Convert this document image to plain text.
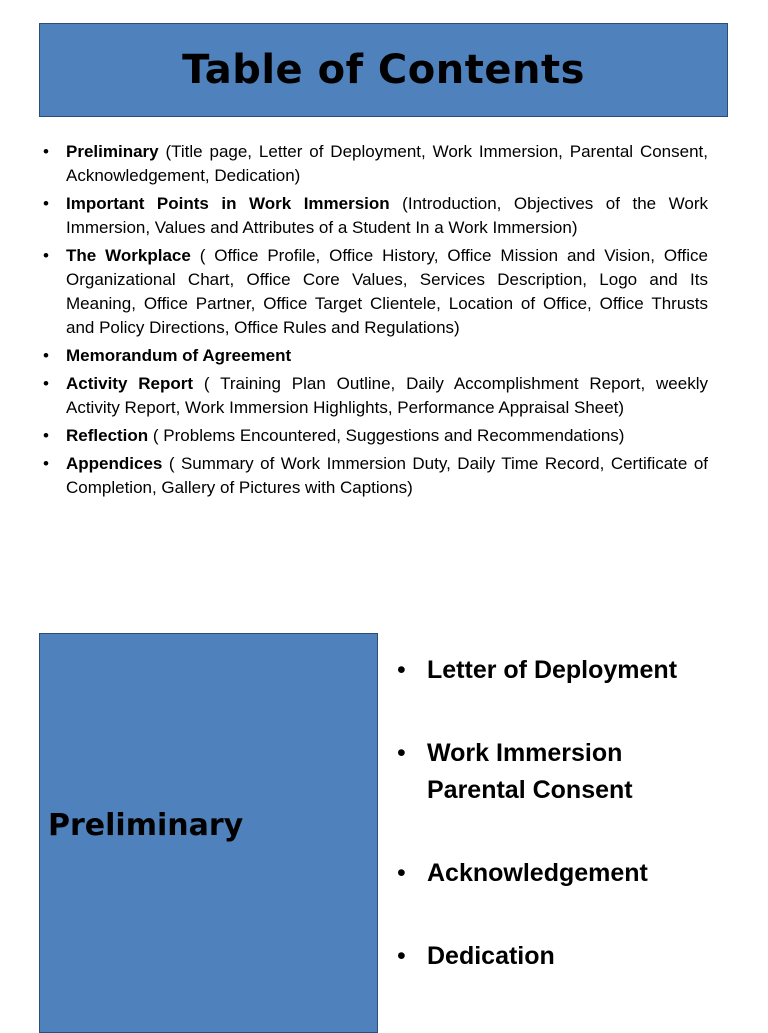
Table of Contents
• Preliminary (Title page, Letter of Deployment, Work Immersion, Parental Consent, Acknowledgement, Dedication)
• Important Points in Work Immersion (Introduction, Objectives of the Work Immersion, Values and Attributes of a Student In a Work Immersion)
• The Workplace ( Office Profile, Office History, Office Mission and Vision, Office Organizational Chart, Office Core Values, Services Description, Logo and Its Meaning, Office Partner, Office Target Clientele, Location of Office, Office Thrusts and Policy Directions, Office Rules and Regulations)
• Memorandum of Agreement
• Activity Report ( Training Plan Outline, Daily Accomplishment Report, weekly Activity Report, Work Immersion Highlights, Performance Appraisal Sheet)
• Reflection ( Problems Encountered, Suggestions and Recommendations)
• Appendices ( Summary of Work Immersion Duty, Daily Time Record, Certificate of Completion, Gallery of Pictures with Captions)
Preliminary
• Letter of Deployment
• Work Immersion
Parental Consent
• Acknowledgement
• Dedication
